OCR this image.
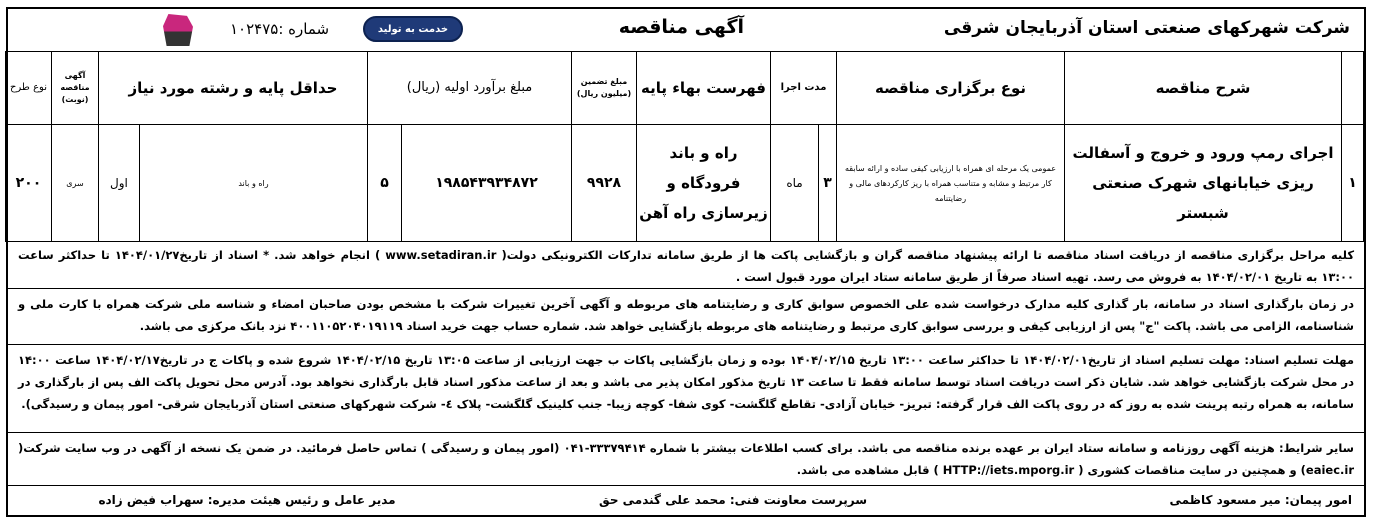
شرکت شهرکهای صنعتی استان آذربایجان شرقی
آگهی مناقصه
خدمت به تولید
شماره :۱۰۲۴۷۵
	شرح مناقصه	نوع برگزاری مناقصه	مدت اجرا		فهرست بهاء پایه	مبلغ تضمین (میلیون ریال)	مبلغ برآورد اولیه (ریال)		حداقل پایه و رشته مورد نیاز		آگهی مناقصه (نوبت)	نوع طرح
۱	اجرای رمپ ورود و خروج و آسفالت ریزی خیابانهای شهرک صنعتی شبستر	عمومی یک مرحله ای همراه با ارزیابی کیفی ساده و ارائه سابقه کار مرتبط و مشابه و متناسب همراه با ریز کارکردهای مالی و رضایتنامه	۳	ماه	راه و باند فرودگاه و زیرسازی راه آهن	۹۹۲۸	۱۹۸۵۴۳۹۳۴۸۷۲	۵	راه و باند	اول	سری	۲۰۰

کلیه مراحل برگزاری مناقصه از دریافت اسناد مناقصه تا ارائه پیشنهاد مناقصه گران و بازگشایی پاکت ها از طریق سامانه تدارکات الکترونیکی دولت( www.setadiran.ir ) انجام خواهد شد. * اسناد از تاریخ۱۴۰۴/۰۱/۲۷ تا حداکثر ساعت ۱۳:۰۰ به تاریخ ۱۴۰۴/۰۲/۰۱ به فروش می رسد. تهیه اسناد صرفاً از طریق سامانه ستاد ایران مورد قبول است .

در زمان بارگذاری اسناد در سامانه، بار گذاری کلیه مدارک درخواست شده علی الخصوص سوابق کاری و رضایتنامه های مربوطه و آگهی آخرین تغییرات شرکت با مشخص بودن صاحبان امضاء و شناسه ملی شرکت همراه با کارت ملی و شناسنامه، الزامی می باشد. پاکت "ج" پس از ارزیابی کیفی و بررسی سوابق کاری مرتبط و رضایتنامه های مربوطه بازگشایی خواهد شد. شماره حساب جهت خرید اسناد ۴۰۰۱۱۰۵۲۰۴۰۱۹۱۱۹ نزد بانک مرکزی می باشد.

مهلت تسلیم اسناد: مهلت تسلیم اسناد از تاریخ۱۴۰۴/۰۲/۰۱ تا حداکثر ساعت ۱۳:۰۰ تاریخ ۱۴۰۴/۰۲/۱۵ بوده و زمان بازگشایی پاکات ب جهت ارزیابی از ساعت ۱۳:۰۵ تاریخ ۱۴۰۴/۰۲/۱۵ شروع شده و پاکات ج در تاریخ۱۴۰۴/۰۲/۱۷ ساعت ۱۴:۰۰ در محل شرکت بازگشایی خواهد شد. شایان ذکر است دریافت اسناد توسط سامانه فقط تا ساعت ۱۳ تاریخ مذکور امکان پذیر می باشد و بعد از ساعت مذکور اسناد قابل بارگذاری نخواهد بود. آدرس محل تحویل پاکت الف پس از بارگذاری در سامانه، به همراه رتبه پرینت شده به روز که در روی پاکت الف قرار گرفته: تبریز- خیابان آزادی- تقاطع گلگشت- کوی شفا- کوچه زیبا- جنب کلینیک گلگشت- پلاک ٤- شرکت شهرکهای صنعتی استان آذربایجان شرقی- امور پیمان و رسیدگی).

سایر شرایط: هزینه آگهی روزنامه و سامانه ستاد ایران بر عهده برنده مناقصه می باشد. برای کسب اطلاعات بیشتر با شماره ۳۳۳۷۹۴۱۴-۰۴۱ (امور پیمان و رسیدگی ) تماس حاصل فرمائید. در ضمن یک نسخه از آگهی در وب سایت شرکت( eaiec.ir) و همچنین در سایت مناقصات کشوری ( HTTP://iets.mporg.ir ) قابل مشاهده می باشد.

امور پیمان: میر مسعود کاظمی
سرپرست معاونت فنی: محمد علی گندمی حق
مدیر عامل و رئیس هیئت مدیره: سهراب فیض زاده
